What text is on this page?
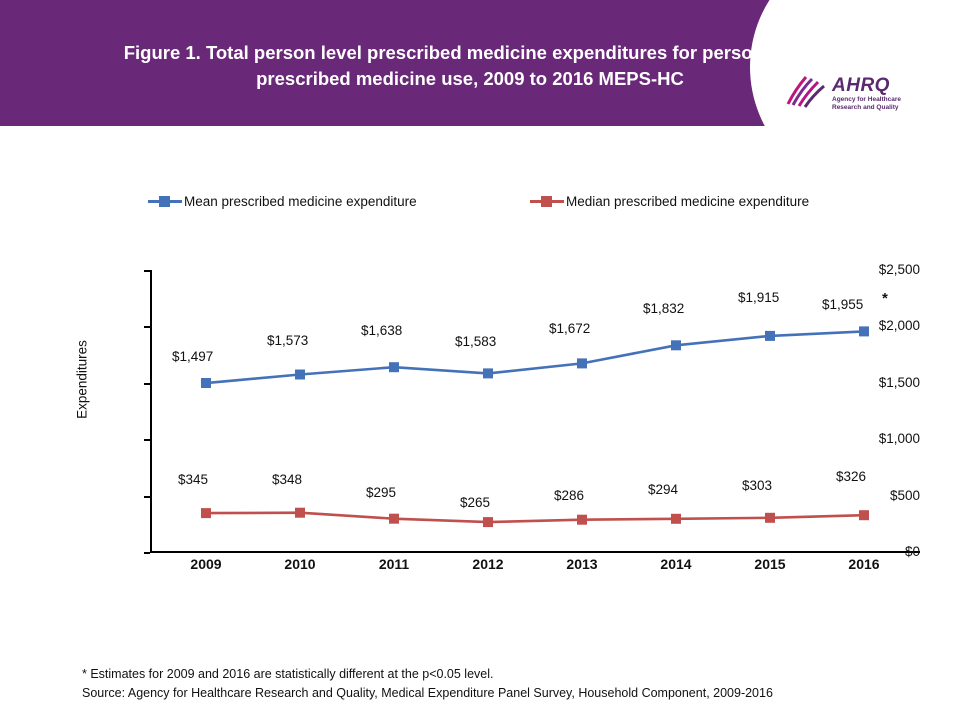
Figure 1. Total person level prescribed medicine expenditures for persons with prescribed medicine use, 2009 to 2016 MEPS-HC	AHRQ
Agency for Healthcare Research and Quality
Mean prescribed medicine expenditure	Median prescribed medicine expenditure
Expenditures
$2,500
$2,000
$1,500
$1,000
$500
$0
$1,497
$1,573
$1,638
$1,583
$1,672
$1,832
$1,915	$1,955 *
$345	$348
$295
$265	$286	$294	$303
$326
2009	2010	2011	2012	2013	2014	2015	2016
* Estimates for 2009 and 2016 are statistically different at the p<0.05 level.
Source: Agency for Healthcare Research and Quality, Medical Expenditure Panel Survey, Household Component, 2009-2016
